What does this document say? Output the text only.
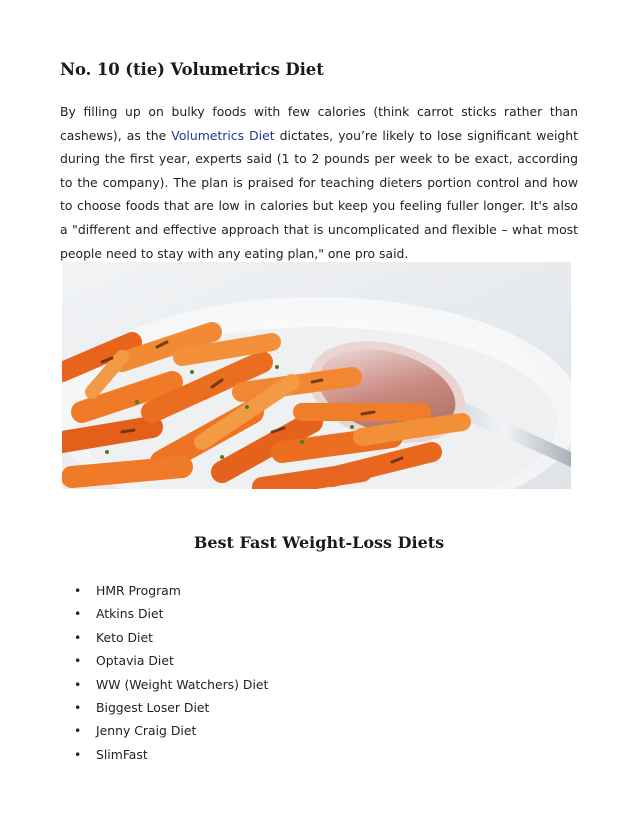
No. 10 (tie) Volumetrics Diet

By filling up on bulky foods with few calories (think carrot sticks rather than cashews), as the Volumetrics Diet dictates, you’re likely to lose significant weight during the first year, experts said (1 to 2 pounds per week to be exact, according to the company). The plan is praised for teaching dieters portion control and how to choose foods that are low in calories but keep you feeling fuller longer. It's also a "different and effective approach that is uncomplicated and flexible – what most people need to stay with any eating plan," one pro said.

Best Fast Weight-Loss Diets
• HMR Program
• Atkins Diet
• Keto Diet
• Optavia Diet
• WW (Weight Watchers) Diet
• Biggest Loser Diet
• Jenny Craig Diet
• SlimFast
